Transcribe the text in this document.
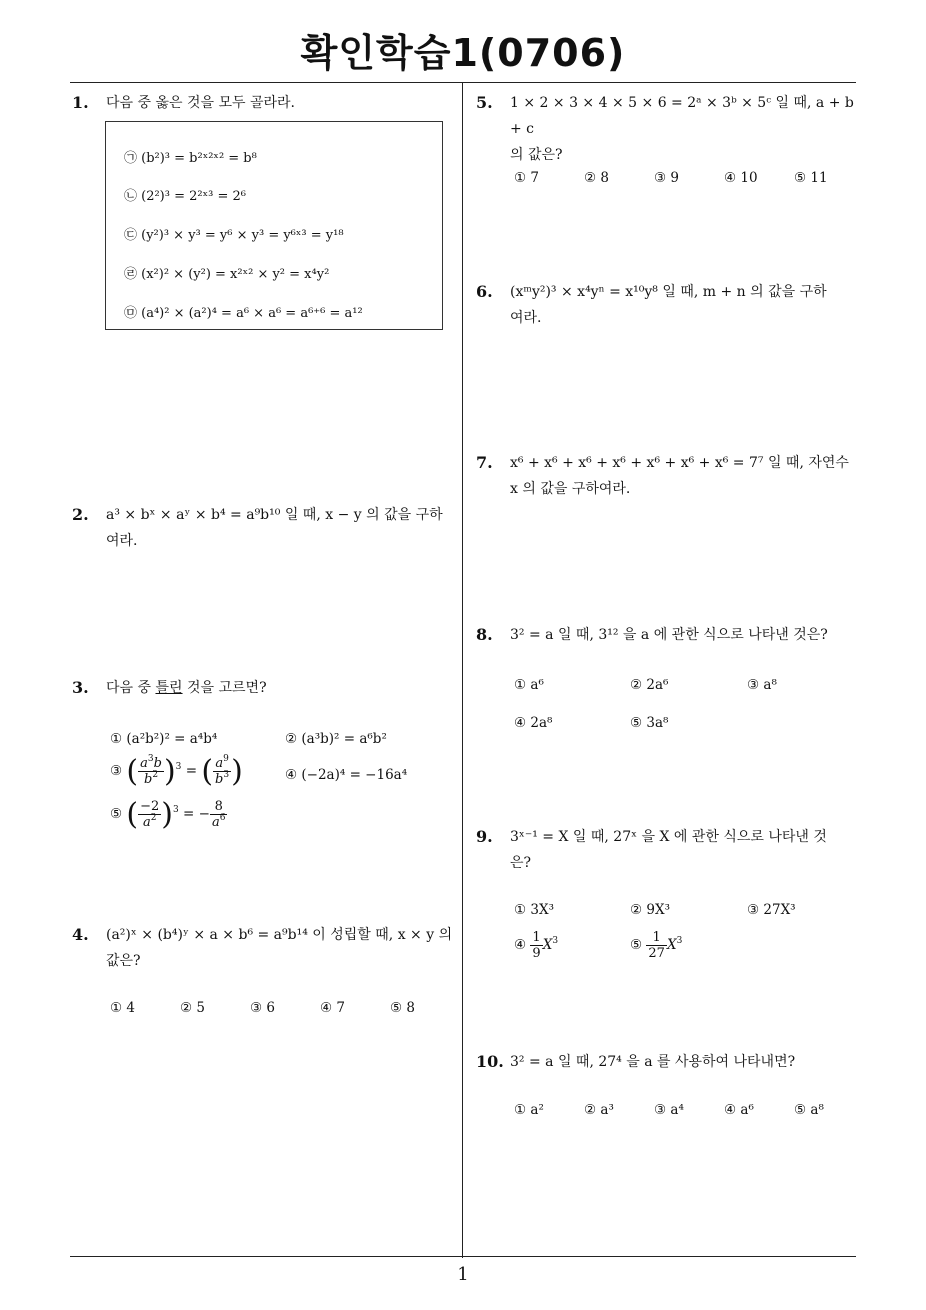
확인학습1(0706)
1
1.	다음 중 옳은 것을 모두 골라라.
㉠ (b²)³ = b²ˣ²ˣ² = b⁸
㉡ (2²)³ = 2²ˣ³ = 2⁶
㉢ (y²)³ × y³ = y⁶ × y³ = y⁶ˣ³ = y¹⁸
㉣ (x²)² × (y²) = x²ˣ² × y² = x⁴y²
㉤ (a⁴)² × (a²)⁴ = a⁶ × a⁶ = a⁶⁺⁶ = a¹²
2.	a³ × bˣ × aʸ × b⁴ = a⁹b¹⁰ 일 때, x − y 의 값을 구하
여라.
3.	다음 중 틀린 것을 고르면?
① (a²b²)² = a⁴b⁴	② (a³b)² = a⁶b²
③ ( $\frac{a^3b}{b^2} )^3$ = ( $\frac{a^9}{b^3}$ )	④ (−2a)⁴ = −16a⁴
⑤ ( $\frac{-2}{a^2} )^3$ = − $\frac{8}{a^6}$
4.	(a²)ˣ × (b⁴)ʸ × a × b⁶ = a⁹b¹⁴ 이 성립할 때, x × y 의
값은?
① 4	② 5	③ 6	④ 7	⑤ 8
5.	1 × 2 × 3 × 4 × 5 × 6 = 2ᵃ × 3ᵇ × 5ᶜ 일 때, a + b + c
의 값은?
① 7	② 8	③ 9	④ 10	⑤ 11
6.	(xᵐy²)³ × x⁴yⁿ = x¹⁰y⁸ 일 때, m + n 의 값을 구하
여라.
7.	x⁶ + x⁶ + x⁶ + x⁶ + x⁶ + x⁶ + x⁶ = 7⁷ 일 때, 자연수
x 의 값을 구하여라.
8.	3² = a 일 때, 3¹² 을 a 에 관한 식으로 나타낸 것은?
① a⁶	② 2a⁶	③ a⁸
④ 2a⁸	⑤ 3a⁸
9.	3ˣ⁻¹ = X 일 때, 27ˣ 을 X 에 관한 식으로 나타낸 것
은?
① 3X³	② 9X³	③ 27X³
④ $\frac{1}{9} X^3$	⑤ $\frac{1}{27} X^3$
10. 3² = a 일 때, 27⁴ 을 a 를 사용하여 나타내면?
① a²	② a³	③ a⁴	④ a⁶	⑤ a⁸
